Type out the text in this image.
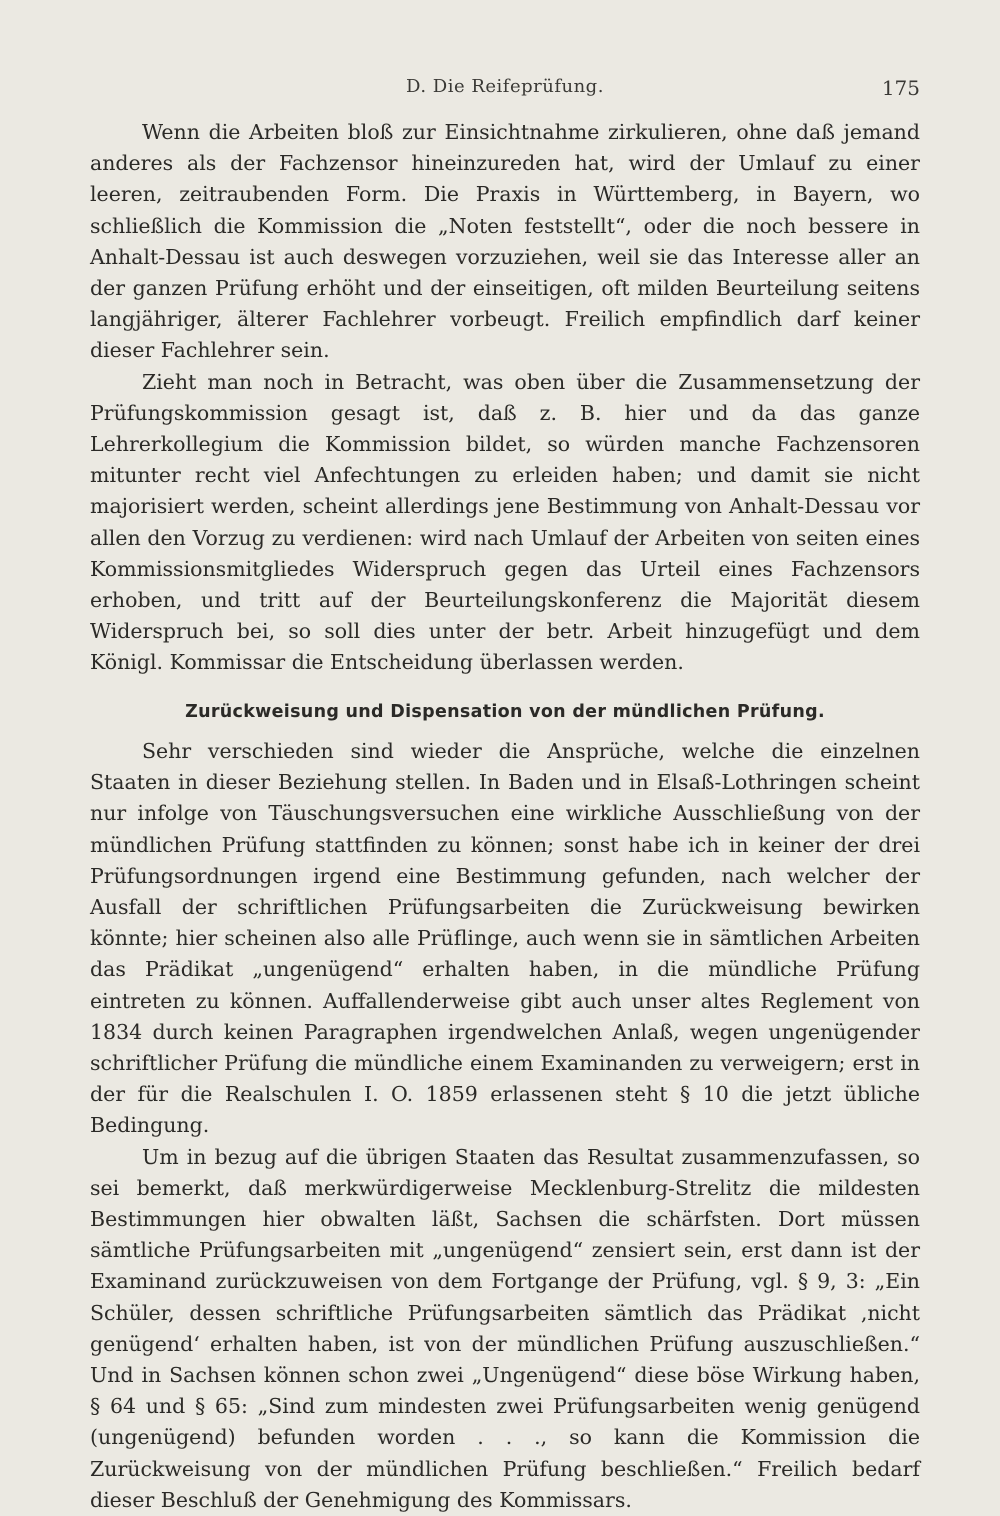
D. Die Reifeprüfung.	175

Wenn die Arbeiten bloß zur Einsichtnahme zirkulieren, ohne daß jemand anderes als der Fachzensor hineinzureden hat, wird der Umlauf zu einer leeren, zeitraubenden Form. Die Praxis in Württemberg, in Bayern, wo schließlich die Kommission die „Noten feststellt“, oder die noch bessere in Anhalt-Dessau ist auch deswegen vorzuziehen, weil sie das Interesse aller an der ganzen Prüfung erhöht und der einseitigen, oft milden Beurteilung seitens langjähriger, älterer Fachlehrer vorbeugt. Freilich empfindlich darf keiner dieser Fachlehrer sein.

Zieht man noch in Betracht, was oben über die Zusammensetzung der Prüfungskommission gesagt ist, daß z. B. hier und da das ganze Lehrerkollegium die Kommission bildet, so würden manche Fachzensoren mitunter recht viel Anfechtungen zu erleiden haben; und damit sie nicht majorisiert werden, scheint allerdings jene Bestimmung von Anhalt-Dessau vor allen den Vorzug zu verdienen: wird nach Umlauf der Arbeiten von seiten eines Kommissionsmitgliedes Widerspruch gegen das Urteil eines Fachzensors erhoben, und tritt auf der Beurteilungskonferenz die Majorität diesem Widerspruch bei, so soll dies unter der betr. Arbeit hinzugefügt und dem Königl. Kommissar die Entscheidung überlassen werden.

Zurückweisung und Dispensation von der mündlichen Prüfung.

Sehr verschieden sind wieder die Ansprüche, welche die einzelnen Staaten in dieser Beziehung stellen. In Baden und in Elsaß-Lothringen scheint nur infolge von Täuschungsversuchen eine wirkliche Ausschließung von der mündlichen Prüfung stattfinden zu können; sonst habe ich in keiner der drei Prüfungsordnungen irgend eine Bestimmung gefunden, nach welcher der Ausfall der schriftlichen Prüfungsarbeiten die Zurückweisung bewirken könnte; hier scheinen also alle Prüflinge, auch wenn sie in sämtlichen Arbeiten das Prädikat „ungenügend“ erhalten haben, in die mündliche Prüfung eintreten zu können. Auffallenderweise gibt auch unser altes Reglement von 1834 durch keinen Paragraphen irgendwelchen Anlaß, wegen ungenügender schriftlicher Prüfung die mündliche einem Examinanden zu verweigern; erst in der für die Realschulen I. O. 1859 erlassenen steht § 10 die jetzt übliche Bedingung.

Um in bezug auf die übrigen Staaten das Resultat zusammenzufassen, so sei bemerkt, daß merkwürdigerweise Mecklenburg-Strelitz die mildesten Bestimmungen hier obwalten läßt, Sachsen die schärfsten. Dort müssen sämtliche Prüfungsarbeiten mit „ungenügend“ zensiert sein, erst dann ist der Examinand zurückzuweisen von dem Fortgange der Prüfung, vgl. § 9, 3: „Ein Schüler, dessen schriftliche Prüfungsarbeiten sämtlich das Prädikat ‚nicht genügend‘ erhalten haben, ist von der mündlichen Prüfung auszuschließen.“ Und in Sachsen können schon zwei „Ungenügend“ diese böse Wirkung haben, § 64 und § 65: „Sind zum mindesten zwei Prüfungsarbeiten wenig genügend (ungenügend) befunden worden . . ., so kann die Kommission die Zurückweisung von der mündlichen Prüfung beschließen.“ Freilich bedarf dieser Beschluß der Genehmigung des Kommissars.
